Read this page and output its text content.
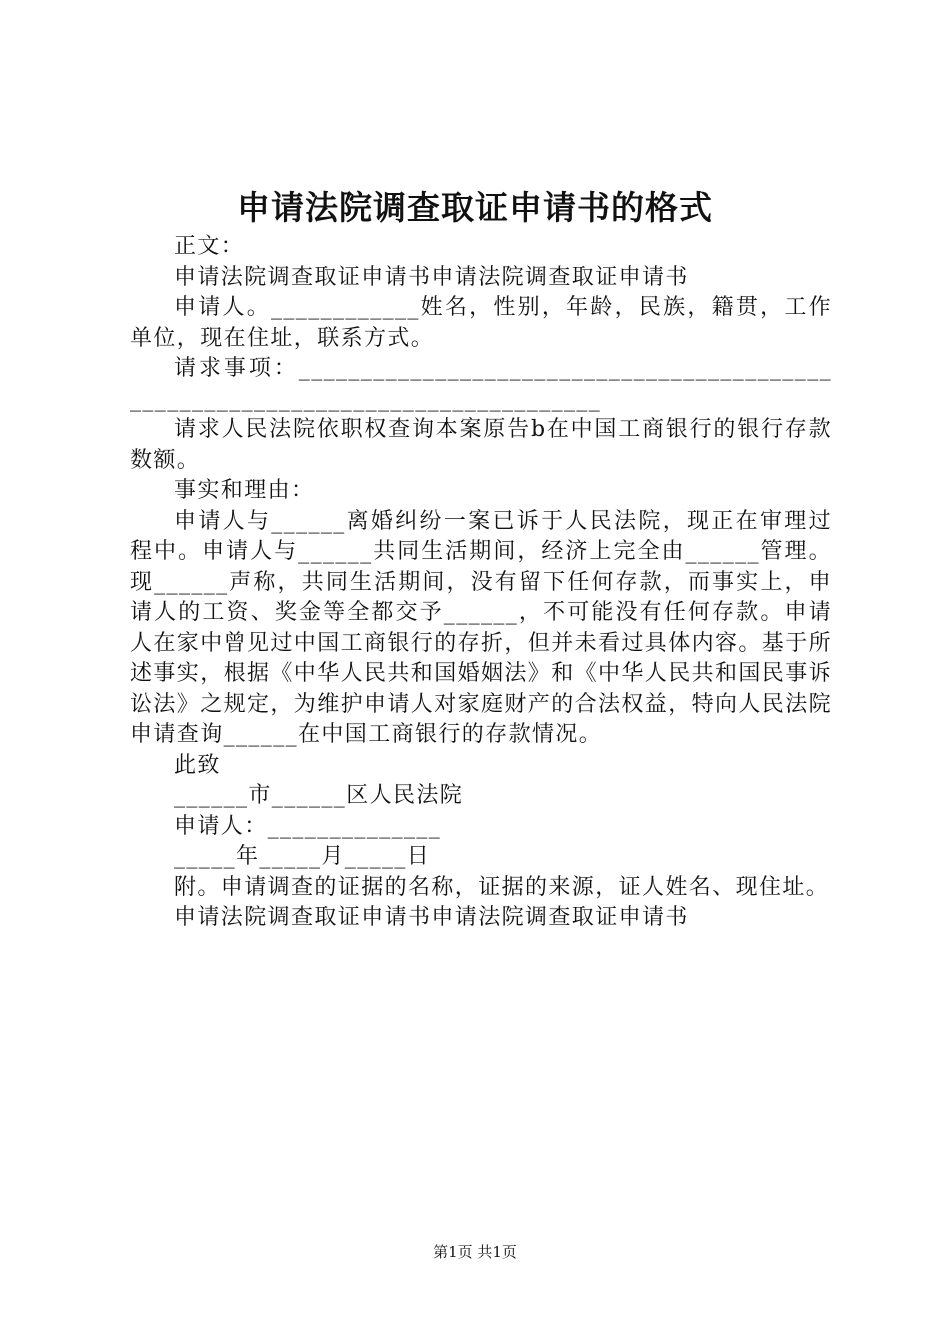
申请法院调查取证申请书的格式

正文：

申请法院调查取证申请书申请法院调查取证申请书

申请人。____________姓名，性别，年龄，民族，籍贯，工作单位，现在住址，联系方式。

请求事项：_________________________________________________________________________________

请求人民法院依职权查询本案原告b在中国工商银行的银行存款数额。

事实和理由：

申请人与______离婚纠纷一案已诉于人民法院，现正在审理过程中。申请人与______共同生活期间，经济上完全由______管理。现______声称，共同生活期间，没有留下任何存款，而事实上，申请人的工资、奖金等全都交予______，不可能没有任何存款。申请人在家中曾见过中国工商银行的存折，但并未看过具体内容。基于所述事实，根据《中华人民共和国婚姻法》和《中华人民共和国民事诉讼法》之规定，为维护申请人对家庭财产的合法权益，特向人民法院申请查询______在中国工商银行的存款情况。

此致

______市______区人民法院

申请人：______________

_____年_____月_____日

附。申请调查的证据的名称，证据的来源，证人姓名、现住址。

申请法院调查取证申请书申请法院调查取证申请书

第1页 共1页
